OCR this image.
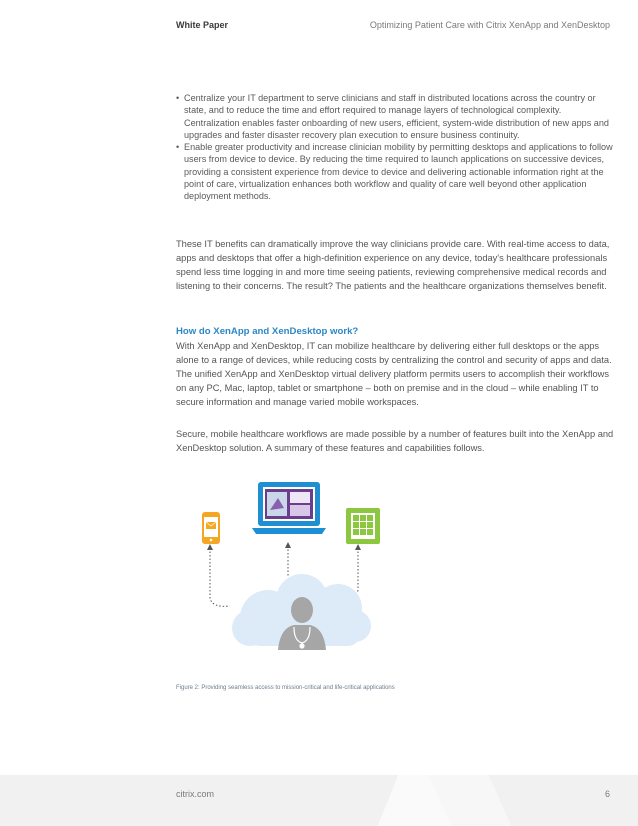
White Paper	Optimizing Patient Care with Citrix XenApp and XenDesktop
• Centralize your IT department to serve clinicians and staff in distributed locations across the country or state, and to reduce the time and effort required to manage layers of technological complexity. Centralization enables faster onboarding of new users, efficient, system-wide distribution of new apps and upgrades and faster disaster recovery plan execution to ensure business continuity.
• Enable greater productivity and increase clinician mobility by permitting desktops and applications to follow users from device to device. By reducing the time required to launch applications on successive devices, providing a consistent experience from device to device and delivering actionable information right at the point of care, virtualization enhances both workflow and quality of care well beyond other application deployment methods.

These IT benefits can dramatically improve the way clinicians provide care. With real-time access to data, apps and desktops that offer a high-definition experience on any device, today's healthcare professionals spend less time logging in and more time seeing patients, reviewing comprehensive medical records and listening to their concerns. The result? The patients and the healthcare organizations themselves benefit.

How do XenApp and XenDesktop work?

With XenApp and XenDesktop, IT can mobilize healthcare by delivering either full desktops or the apps alone to a range of devices, while reducing costs by centralizing the control and security of apps and data. The unified XenApp and XenDesktop virtual delivery platform permits users to accomplish their workflows on any PC, Mac, laptop, tablet or smartphone – both on premise and in the cloud – while enabling IT to secure information and manage varied mobile workspaces.

Secure, mobile healthcare workflows are made possible by a number of features built into the XenApp and XenDesktop solution. A summary of these features and capabilities follows.

Figure 2: Providing seamless access to mission-critical and life-critical applications
citrix.com	6
